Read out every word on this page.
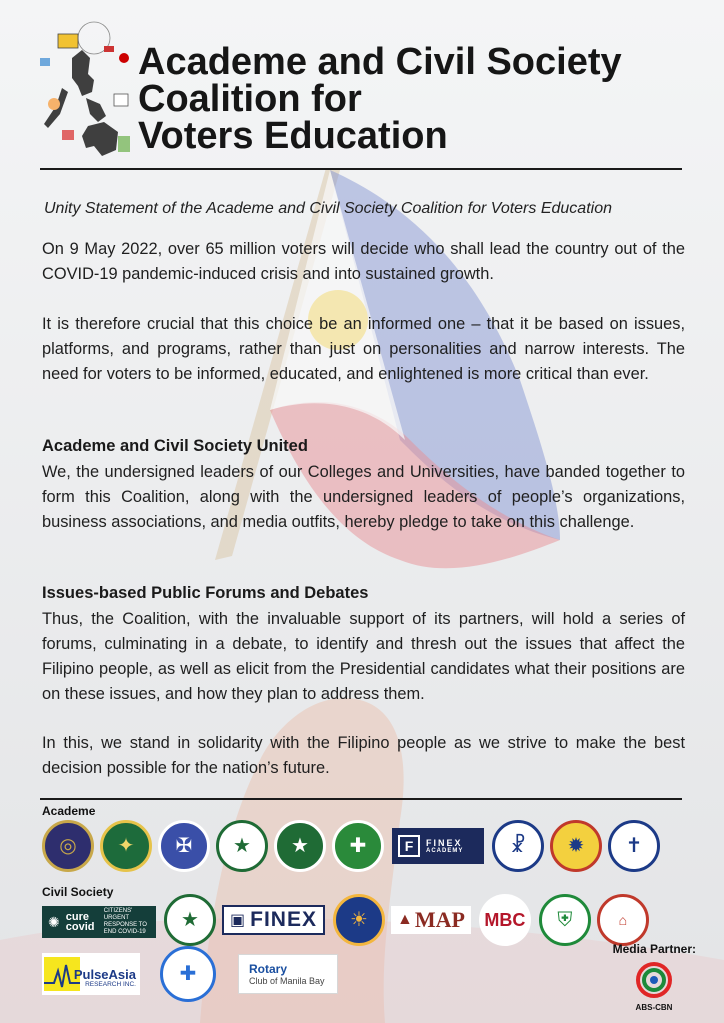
Academe and Civil Society
Coalition for
Voters Education
Unity Statement of the Academe and Civil Society Coalition for Voters Education
On 9 May 2022, over 65 million voters will decide who shall lead the country out of the COVID-19 pandemic-induced crisis and into sustained growth.
It is therefore crucial that this choice be an informed one – that it be based on issues, platforms, and programs, rather than just on personalities and narrow interests. The need for voters to be informed, educated, and enlightened is more critical than ever.
Academe and Civil Society United
We, the undersigned leaders of our Colleges and Universities, have banded together to form this Coalition, along with the undersigned leaders of people’s organizations, business associations, and media outfits, hereby pledge to take on this challenge.
Issues-based Public Forums and Debates
Thus, the Coalition, with the invaluable support of its partners, will hold a series of forums, culminating in a debate, to identify and thresh out the issues that affect the Filipino people, as well as elicit from the Presidential candidates what their positions are on these issues, and how they plan to address them.
In this, we stand in solidarity with the Filipino people as we strive to make the best decision possible for the nation’s future.
Academe
◎ ✦ ✠ ★ ★ ✚	F	FINEX
ACADEMY ☧ ✹ ✝
Civil Society
✺ cure covid
CITIZENS' URGENT RESPONSE TO END COVID-19
★ ▣ FINEX ☀ ▲ MAP	MBC ⛨	⌂
PulseAsia
RESEARCH INC. ✚	Rotary
Club of Manila Bay
Media Partner:
ABS-CBN
